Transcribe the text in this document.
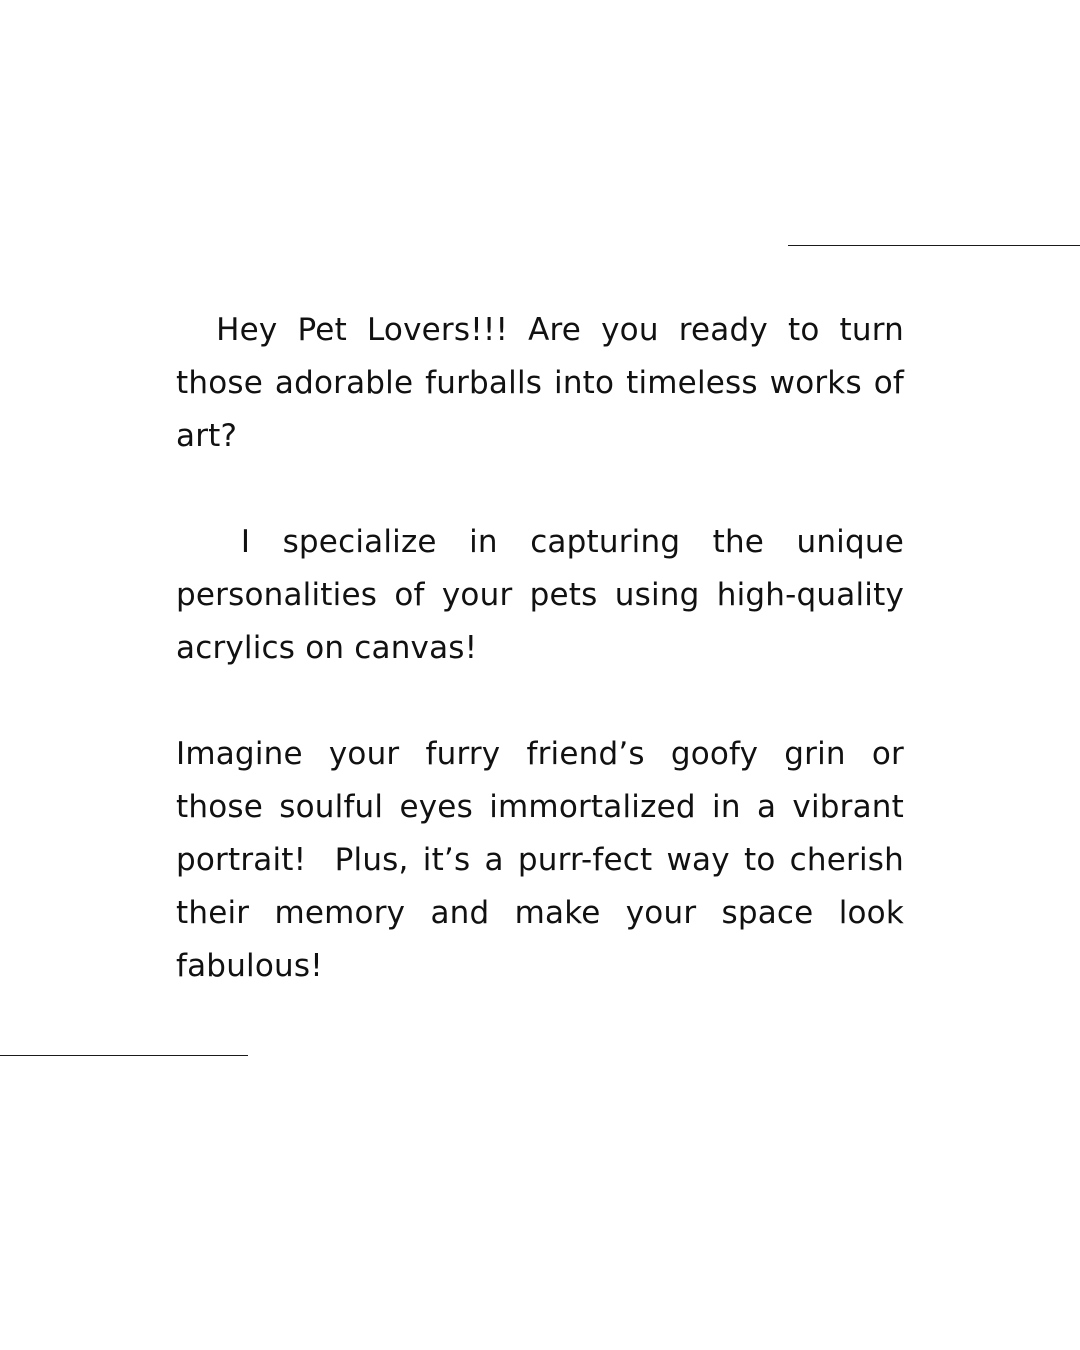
Hey Pet Lovers!!! Are you ready to turn those adorable furballs into timeless works of art?

I specialize in capturing the unique personalities of your pets using high-quality acrylics on canvas!

Imagine your furry friend’s goofy grin or those soulful eyes immortalized in a vibrant portrait!  Plus, it’s a purr-fect way to cherish their memory and make your space look fabulous!
